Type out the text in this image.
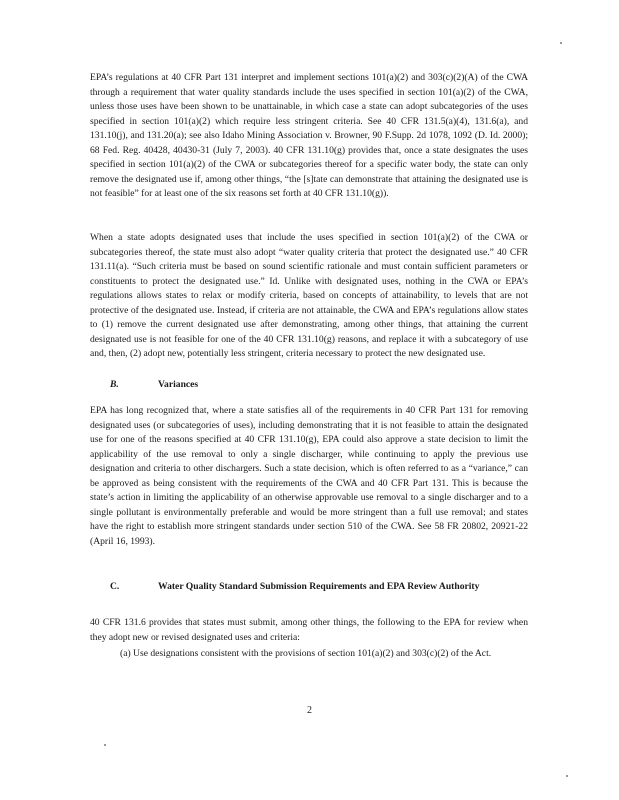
EPA’s regulations at 40 CFR Part 131 interpret and implement sections 101(a)(2) and 303(c)(2)(A) of the CWA through a requirement that water quality standards include the uses specified in section 101(a)(2) of the CWA, unless those uses have been shown to be unattainable, in which case a state can adopt subcategories of the uses specified in section 101(a)(2) which require less stringent criteria. See 40 CFR 131.5(a)(4), 131.6(a), and 131.10(j), and 131.20(a); see also Idaho Mining Association v. Browner, 90 F.Supp. 2d 1078, 1092 (D. Id. 2000); 68 Fed. Reg. 40428, 40430-31 (July 7, 2003). 40 CFR 131.10(g) provides that, once a state designates the uses specified in section 101(a)(2) of the CWA or subcategories thereof for a specific water body, the state can only remove the designated use if, among other things, “the [s]tate can demonstrate that attaining the designated use is not feasible” for at least one of the six reasons set forth at 40 CFR 131.10(g)).

When a state adopts designated uses that include the uses specified in section 101(a)(2) of the CWA or subcategories thereof, the state must also adopt “water quality criteria that protect the designated use.” 40 CFR 131.11(a). “Such criteria must be based on sound scientific rationale and must contain sufficient parameters or constituents to protect the designated use.” Id. Unlike with designated uses, nothing in the CWA or EPA’s regulations allows states to relax or modify criteria, based on concepts of attainability, to levels that are not protective of the designated use. Instead, if criteria are not attainable, the CWA and EPA’s regulations allow states to (1) remove the current designated use after demonstrating, among other things, that attaining the current designated use is not feasible for one of the 40 CFR 131.10(g) reasons, and replace it with a subcategory of use and, then, (2) adopt new, potentially less stringent, criteria necessary to protect the new designated use.

B.	Variances

EPA has long recognized that, where a state satisfies all of the requirements in 40 CFR Part 131 for removing designated uses (or subcategories of uses), including demonstrating that it is not feasible to attain the designated use for one of the reasons specified at 40 CFR 131.10(g), EPA could also approve a state decision to limit the applicability of the use removal to only a single discharger, while continuing to apply the previous use designation and criteria to other dischargers. Such a state decision, which is often referred to as a “variance,” can be approved as being consistent with the requirements of the CWA and 40 CFR Part 131. This is because the state’s action in limiting the applicability of an otherwise approvable use removal to a single discharger and to a single pollutant is environmentally preferable and would be more stringent than a full use removal; and states have the right to establish more stringent standards under section 510 of the CWA. See 58 FR 20802, 20921-22 (April 16, 1993).

C.	Water Quality Standard Submission Requirements and EPA Review Authority

40 CFR 131.6 provides that states must submit, among other things, the following to the EPA for review when they adopt new or revised designated uses and criteria:

(a) Use designations consistent with the provisions of section 101(a)(2) and 303(c)(2) of the Act.
2
